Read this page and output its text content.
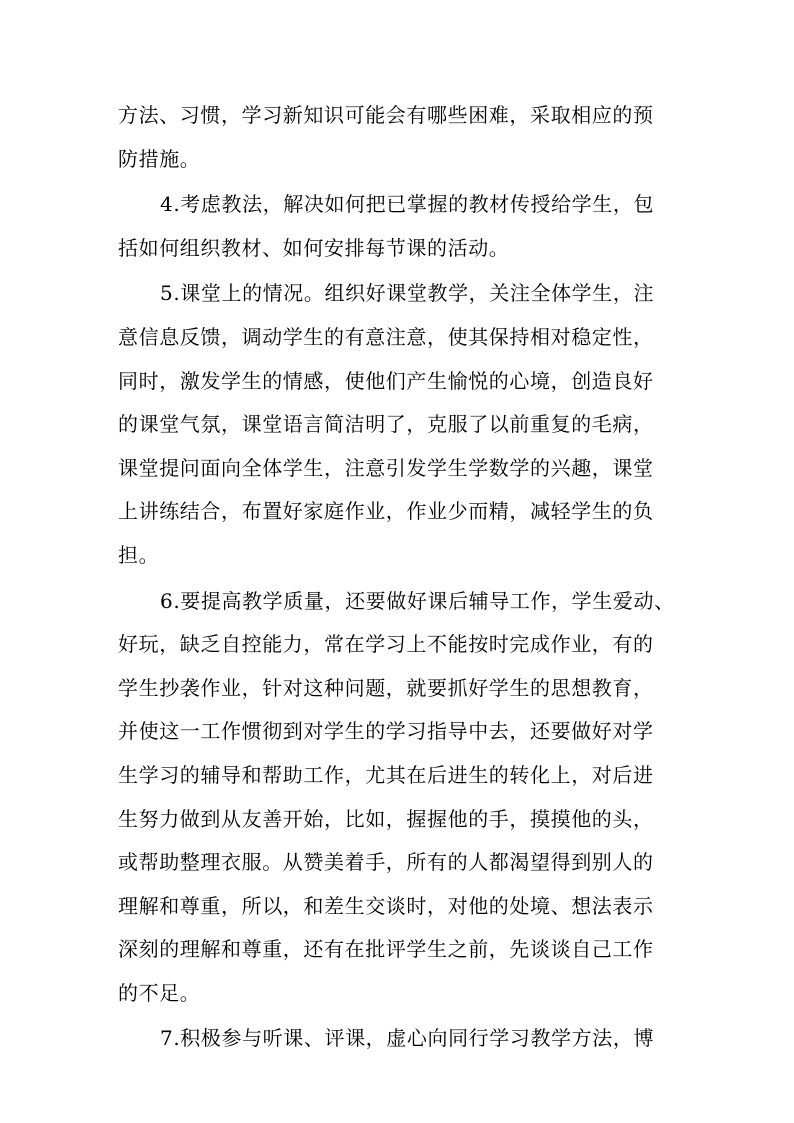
方法、习惯，学习新知识可能会有哪些困难，采取相应的预
防措施。
4.考虑教法，解决如何把已掌握的教材传授给学生，包
括如何组织教材、如何安排每节课的活动。
5.课堂上的情况。组织好课堂教学，关注全体学生，注
意信息反馈，调动学生的有意注意，使其保持相对稳定性，
同时，激发学生的情感，使他们产生愉悦的心境，创造良好
的课堂气氛，课堂语言简洁明了，克服了以前重复的毛病，
课堂提问面向全体学生，注意引发学生学数学的兴趣，课堂
上讲练结合，布置好家庭作业，作业少而精，减轻学生的负
担。
6.要提高教学质量，还要做好课后辅导工作，学生爱动、
好玩，缺乏自控能力，常在学习上不能按时完成作业，有的
学生抄袭作业，针对这种问题，就要抓好学生的思想教育，
并使这一工作惯彻到对学生的学习指导中去，还要做好对学
生学习的辅导和帮助工作，尤其在后进生的转化上，对后进
生努力做到从友善开始，比如，握握他的手，摸摸他的头，
或帮助整理衣服。从赞美着手，所有的人都渴望得到别人的
理解和尊重，所以，和差生交谈时，对他的处境、想法表示
深刻的理解和尊重，还有在批评学生之前，先谈谈自己工作
的不足。
7.积极参与听课、评课，虚心向同行学习教学方法，博
